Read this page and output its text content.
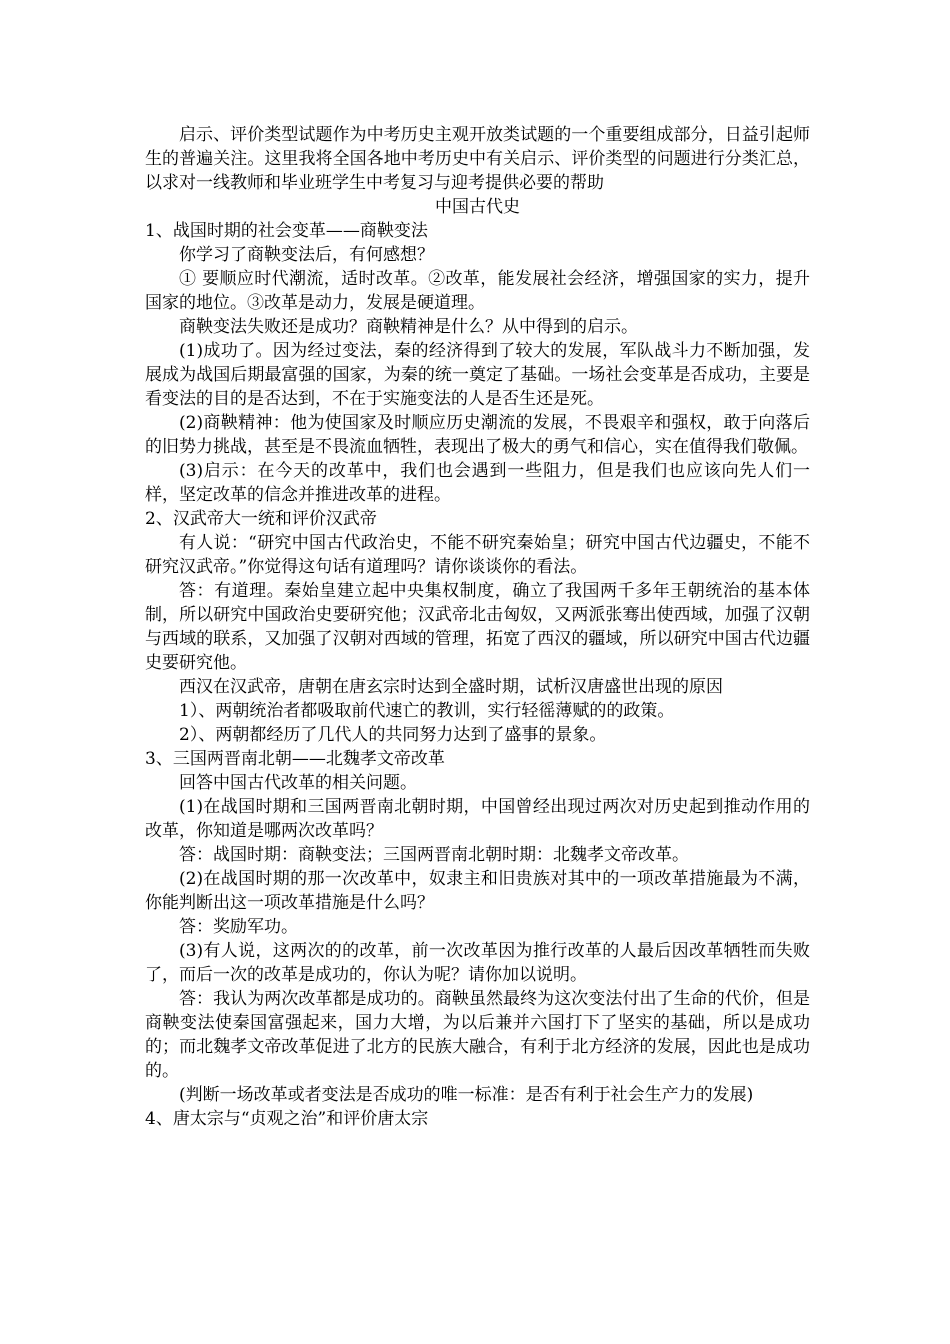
启示、评价类型试题作为中考历史主观开放类试题的一个重要组成部分，日益引起师生的普遍关注。这里我将全国各地中考历史中有关启示、评价类型的问题进行分类汇总，以求对一线教师和毕业班学生中考复习与迎考提供必要的帮助

中国古代史

1、战国时期的社会变革——商鞅变法

你学习了商鞅变法后，有何感想？

① 要顺应时代潮流，适时改革。②改革，能发展社会经济，增强国家的实力，提升国家的地位。③改革是动力，发展是硬道理。

商鞅变法失败还是成功？商鞅精神是什么？从中得到的启示。

(1)成功了。因为经过变法，秦的经济得到了较大的发展，军队战斗力不断加强，发展成为战国后期最富强的国家，为秦的统一奠定了基础。一场社会变革是否成功，主要是看变法的目的是否达到，不在于实施变法的人是否生还是死。

(2)商鞅精神：他为使国家及时顺应历史潮流的发展，不畏艰辛和强权，敢于向落后的旧势力挑战，甚至是不畏流血牺牲，表现出了极大的勇气和信心，实在值得我们敬佩。

(3)启示：在今天的改革中，我们也会遇到一些阻力，但是我们也应该向先人们一样，坚定改革的信念并推进改革的进程。

2、汉武帝大一统和评价汉武帝

有人说：“研究中国古代政治史，不能不研究秦始皇；研究中国古代边疆史，不能不研究汉武帝。”你觉得这句话有道理吗？请你谈谈你的看法。

答：有道理。秦始皇建立起中央集权制度，确立了我国两千多年王朝统治的基本体制，所以研究中国政治史要研究他；汉武帝北击匈奴，又两派张骞出使西域，加强了汉朝与西域的联系，又加强了汉朝对西域的管理，拓宽了西汉的疆域，所以研究中国古代边疆史要研究他。

西汉在汉武帝，唐朝在唐玄宗时达到全盛时期，试析汉唐盛世出现的原因

1）、两朝统治者都吸取前代速亡的教训，实行轻徭薄赋的的政策。

2）、两朝都经历了几代人的共同努力达到了盛事的景象。

3、三国两晋南北朝——北魏孝文帝改革

回答中国古代改革的相关问题。

(1)在战国时期和三国两晋南北朝时期，中国曾经出现过两次对历史起到推动作用的改革，你知道是哪两次改革吗？

答：战国时期：商鞅变法；三国两晋南北朝时期：北魏孝文帝改革。

(2)在战国时期的那一次改革中，奴隶主和旧贵族对其中的一项改革措施最为不满，你能判断出这一项改革措施是什么吗？

答：奖励军功。

(3)有人说，这两次的的改革，前一次改革因为推行改革的人最后因改革牺牲而失败了，而后一次的改革是成功的，你认为呢？请你加以说明。

答：我认为两次改革都是成功的。商鞅虽然最终为这次变法付出了生命的代价，但是商鞅变法使秦国富强起来，国力大增，为以后兼并六国打下了坚实的基础，所以是成功的；而北魏孝文帝改革促进了北方的民族大融合，有利于北方经济的发展，因此也是成功的。

(判断一场改革或者变法是否成功的唯一标准：是否有利于社会生产力的发展)

4、唐太宗与“贞观之治”和评价唐太宗
